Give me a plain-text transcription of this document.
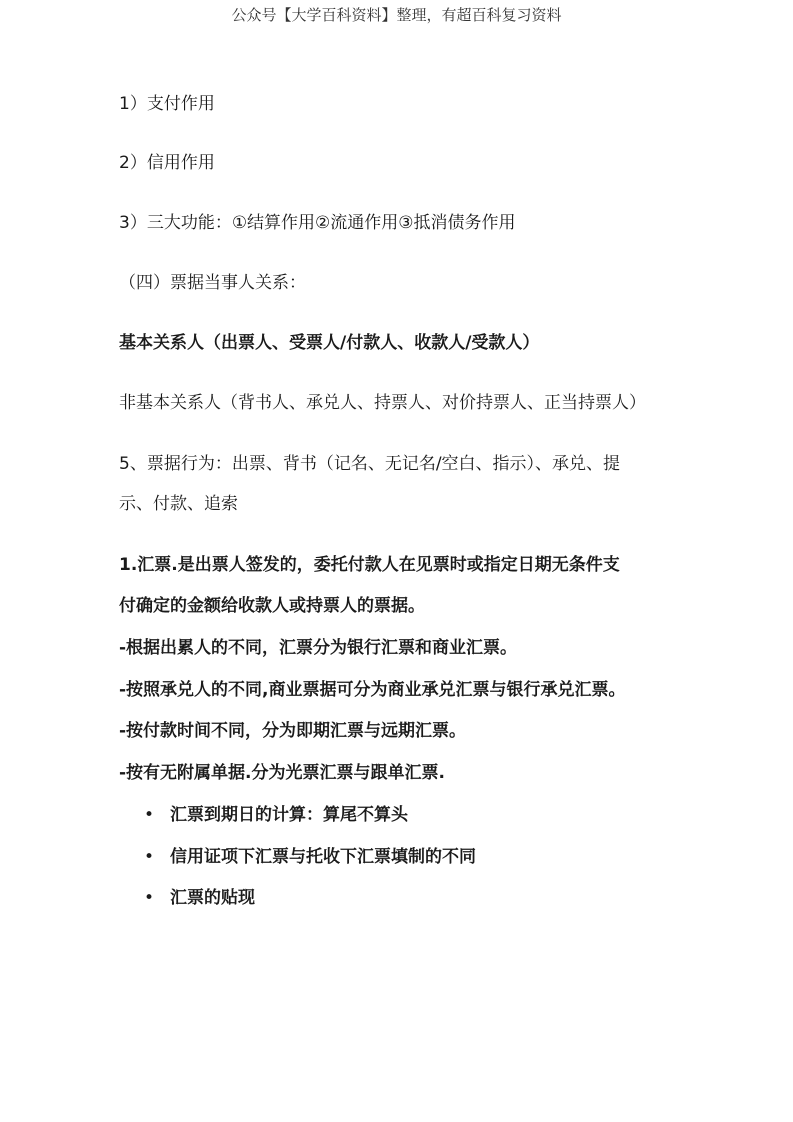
公众号【大学百科资料】整理，有超百科复习资料
1）支付作用
2）信用作用
3）三大功能：①结算作用②流通作用③抵消债务作用
（四）票据当事人关系：
基本关系人（出票人、受票人/付款人、收款人/受款人）
非基本关系人（背书人、承兑人、持票人、对价持票人、正当持票人）
5、票据行为：出票、背书（记名、无记名/空白、指示）、承兑、提
示、付款、追索
1.汇票.是出票人签发的，委托付款人在见票时或指定日期无条件支
付确定的金额给收款人或持票人的票据。
-根据出累人的不同，汇票分为银行汇票和商业汇票。
-按照承兑人的不同,商业票据可分为商业承兑汇票与银行承兑汇票。
-按付款时间不同，分为即期汇票与远期汇票。
-按有无附属单据.分为光票汇票与跟单汇票.
• 汇票到期日的计算：算尾不算头
• 信用证项下汇票与托收下汇票填制的不同
• 汇票的贴现
